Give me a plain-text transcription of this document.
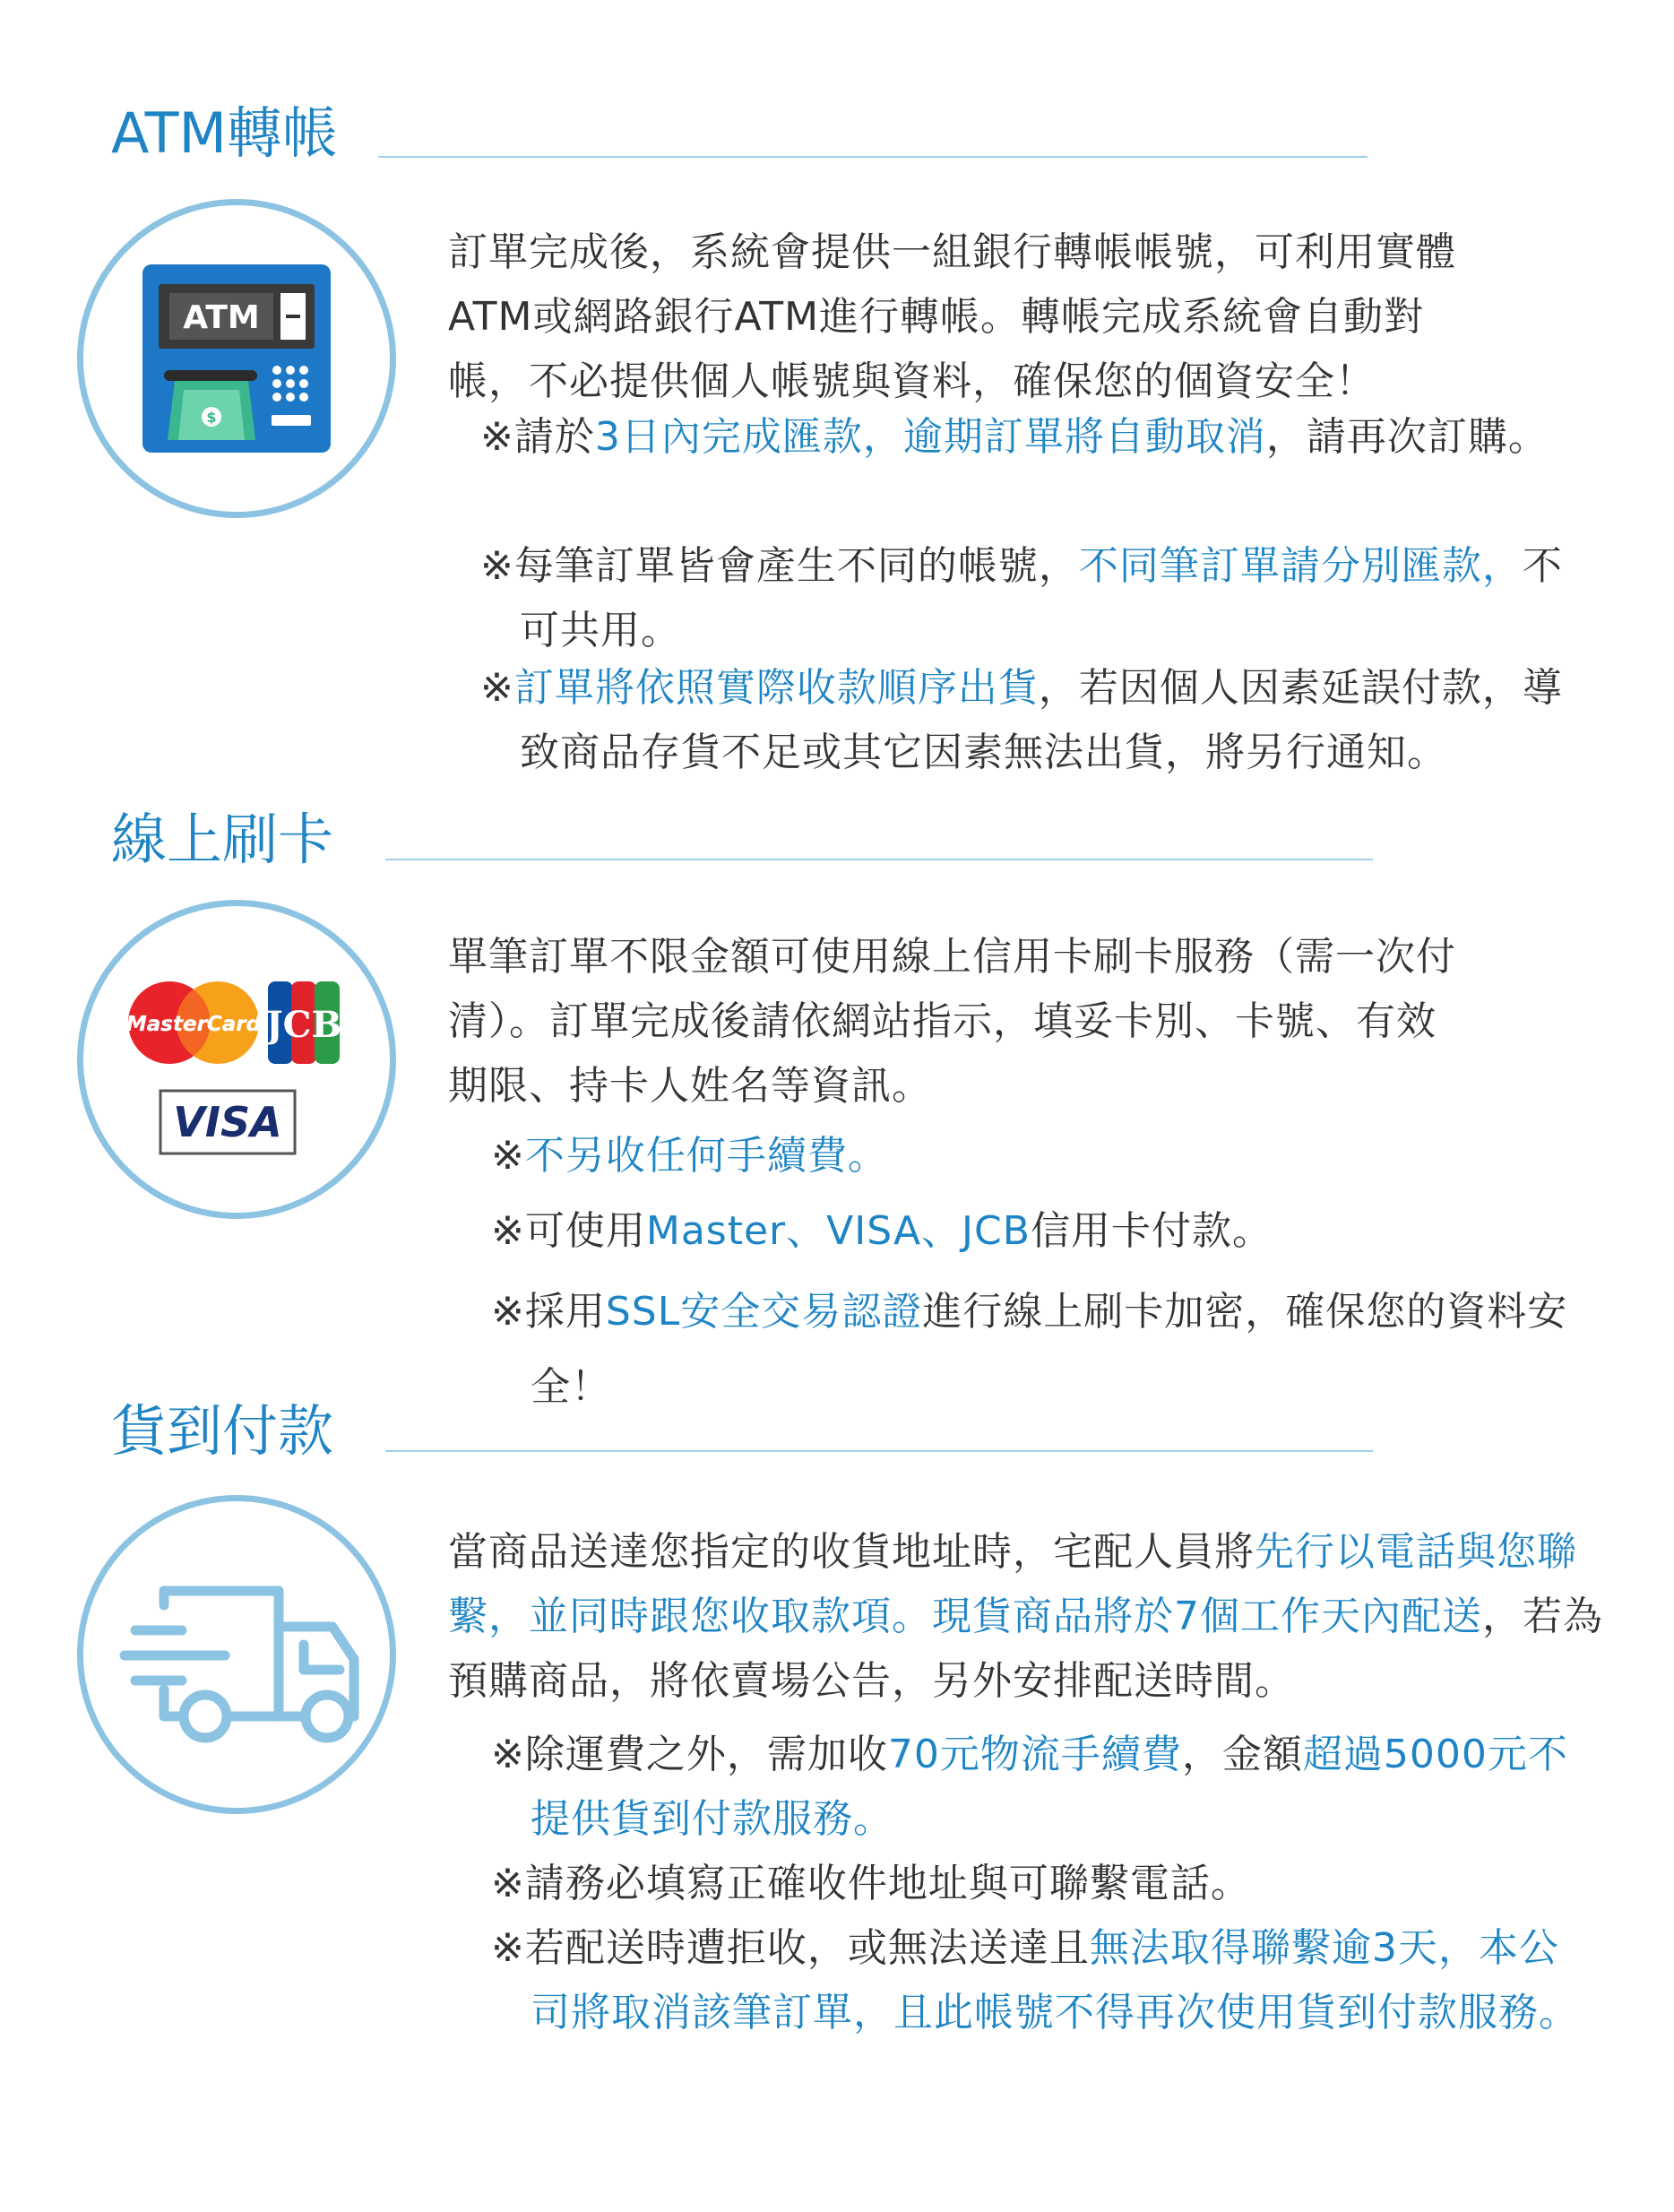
ATM轉帳
ATM
$
訂單完成後，系統會提供一組銀行轉帳帳號，可利用實體
ATM或網路銀行ATM進行轉帳。轉帳完成系統會自動對
帳，不必提供個人帳號與資料，確保您的個資安全！
※請於3日內完成匯款，逾期訂單將自動取消，請再次訂購。
※每筆訂單皆會產生不同的帳號，不同筆訂單請分別匯款，不可共用。
※訂單將依照實際收款順序出貨，若因個人因素延誤付款，導致商品存貨不足或其它因素無法出貨，將另行通知。
線上刷卡
MasterCard JCB
VISA
單筆訂單不限金額可使用線上信用卡刷卡服務（需一次付
清）。訂單完成後請依網站指示，填妥卡別、卡號、有效
期限、持卡人姓名等資訊。
※不另收任何手續費。
※可使用Master、VISA、JCB信用卡付款。
※採用SSL安全交易認證進行線上刷卡加密，確保您的資料安全！
貨到付款
當商品送達您指定的收貨地址時，宅配人員將先行以電話與您聯繫，並同時跟您收取款項。現貨商品將於7個工作天內配送，若為預購商品，將依賣場公告，另外安排配送時間。
※除運費之外，需加收70元物流手續費，金額超過5000元不提供貨到付款服務。
※請務必填寫正確收件地址與可聯繫電話。
※若配送時遭拒收，或無法送達且無法取得聯繫逾3天，本公司將取消該筆訂單，且此帳號不得再次使用貨到付款服務。
